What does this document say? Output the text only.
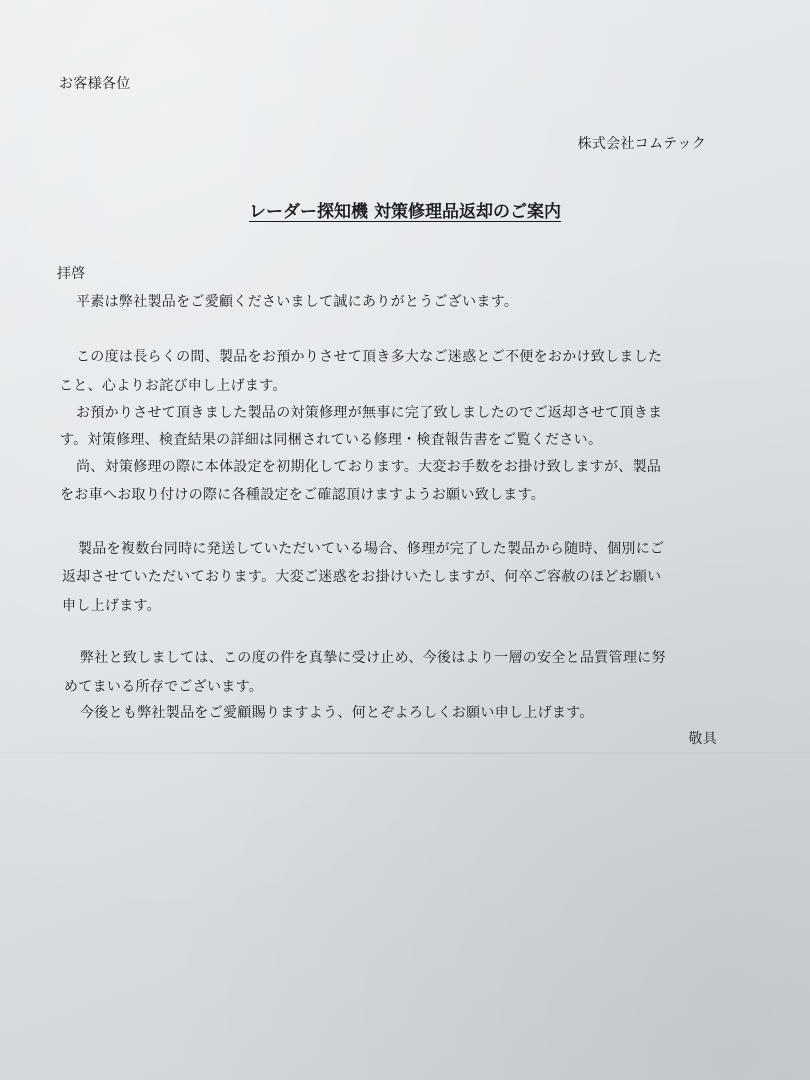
お客様各位
株式会社コムテック
レーダー探知機 対策修理品返却のご案内
拝啓
平素は弊社製品をご愛顧くださいまして誠にありがとうございます。
この度は長らくの間、製品をお預かりさせて頂き多大なご迷惑とご不便をおかけ致しました
こと、心よりお詫び申し上げます。
お預かりさせて頂きました製品の対策修理が無事に完了致しましたのでご返却させて頂きま
す。対策修理、検査結果の詳細は同梱されている修理・検査報告書をご覧ください。
尚、対策修理の際に本体設定を初期化しております。大変お手数をお掛け致しますが、製品
をお車へお取り付けの際に各種設定をご確認頂けますようお願い致します。
製品を複数台同時に発送していただいている場合、修理が完了した製品から随時、個別にご
返却させていただいております。大変ご迷惑をお掛けいたしますが、何卒ご容赦のほどお願い
申し上げます。
弊社と致しましては、この度の件を真摯に受け止め、今後はより一層の安全と品質管理に努
めてまいる所存でございます。
今後とも弊社製品をご愛顧賜りますよう、何とぞよろしくお願い申し上げます。
敬具
